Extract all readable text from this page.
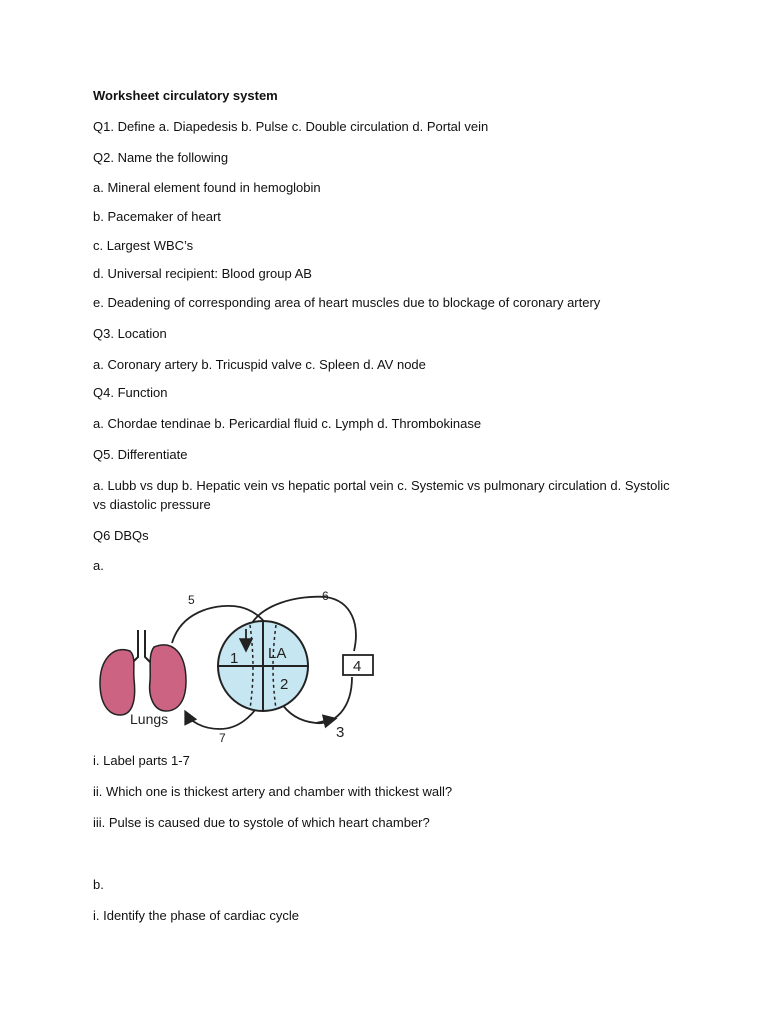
Worksheet circulatory system
Q1. Define a. Diapedesis b. Pulse c. Double circulation d. Portal vein
Q2. Name the following
a. Mineral element found in hemoglobin
b. Pacemaker of heart
c. Largest WBC’s
d. Universal recipient: Blood group AB
e. Deadening of corresponding area of heart muscles due to blockage of coronary artery
Q3. Location
a. Coronary artery b. Tricuspid valve c. Spleen d. AV node
Q4. Function
a. Chordae tendinae b. Pericardial fluid c. Lymph d. Thrombokinase
Q5. Differentiate
a. Lubb vs dup b. Hepatic vein vs hepatic portal vein c. Systemic vs pulmonary circulation d. Systolic vs diastolic pressure
Q6 DBQs
a.
Lungs
LA
1
2
3
4
5	6
7
i. Label parts 1-7
ii. Which one is thickest artery and chamber with thickest wall?
iii. Pulse is caused due to systole of which heart chamber?
b.
i. Identify the phase of cardiac cycle
